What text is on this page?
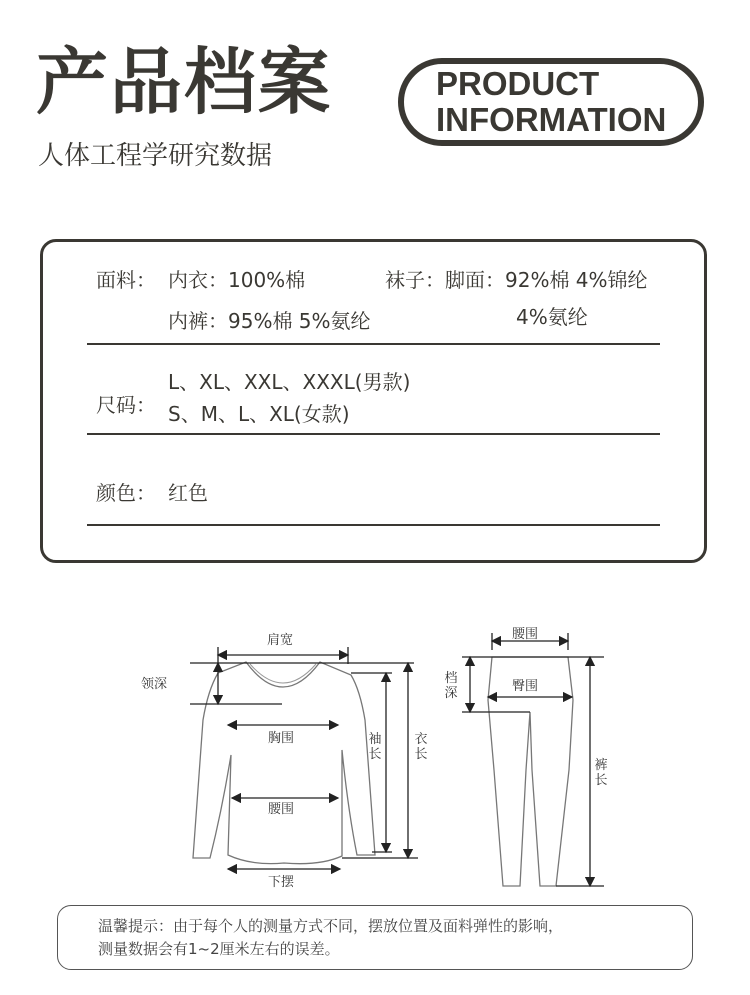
产品档案
人体工程学研究数据
PRODUCT
INFORMATION
面料： 内衣：100%棉	袜子：脚面：92%棉 4%锦纶
内裤：95%棉 5%氨纶	4%氨纶
尺码：
L、XL、XXL、XXXL(男款)
S、M、L、XL(女款)
颜色： 红色
肩宽
领深
胸围
腰围
下摆
袖长
衣长
腰围
档深	臀围
裤长
温馨提示：由于每个人的测量方式不同，摆放位置及面料弹性的影响，
测量数据会有1~2厘米左右的误差。
